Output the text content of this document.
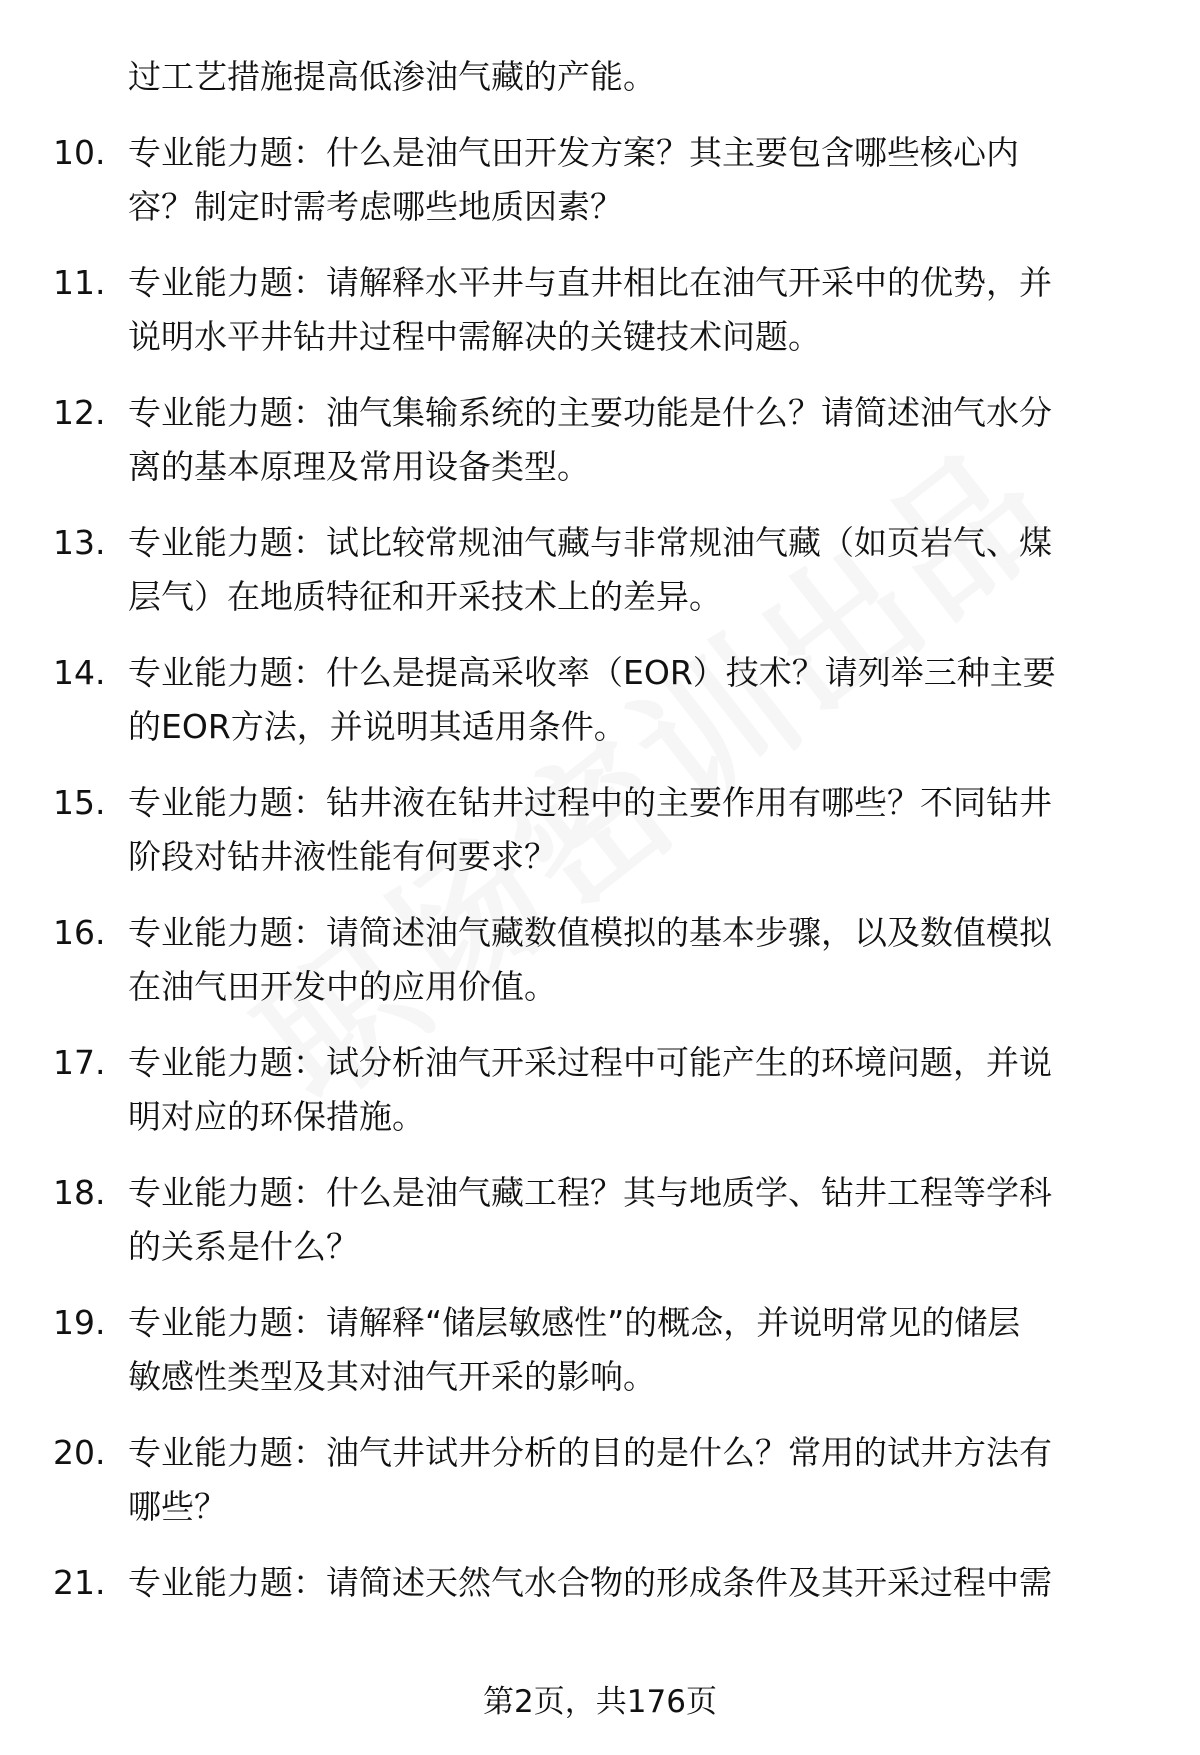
过工艺措施提高低渗油气藏的产能。

10. 专业能力题：什么是油气田开发方案？其主要包含哪些核心内
容？制定时需考虑哪些地质因素？
11. 专业能力题：请解释水平井与直井相比在油气开采中的优势，并
说明水平井钻井过程中需解决的关键技术问题。
12. 专业能力题：油气集输系统的主要功能是什么？请简述油气水分
离的基本原理及常用设备类型。
13. 专业能力题：试比较常规油气藏与非常规油气藏（如页岩气、煤
层气）在地质特征和开采技术上的差异。
14. 专业能力题：什么是提高采收率（EOR）技术？请列举三种主要
的EOR方法，并说明其适用条件。
15. 专业能力题：钻井液在钻井过程中的主要作用有哪些？不同钻井
阶段对钻井液性能有何要求？
16. 专业能力题：请简述油气藏数值模拟的基本步骤，以及数值模拟
在油气田开发中的应用价值。
17. 专业能力题：试分析油气开采过程中可能产生的环境问题，并说
明对应的环保措施。
18. 专业能力题：什么是油气藏工程？其与地质学、钻井工程等学科
的关系是什么？
19. 专业能力题：请解释“储层敏感性”的概念，并说明常见的储层
敏感性类型及其对油气开采的影响。
20. 专业能力题：油气井试井分析的目的是什么？常用的试井方法有
哪些？
21. 专业能力题：请简述天然气水合物的形成条件及其开采过程中需
第2页，共176页
